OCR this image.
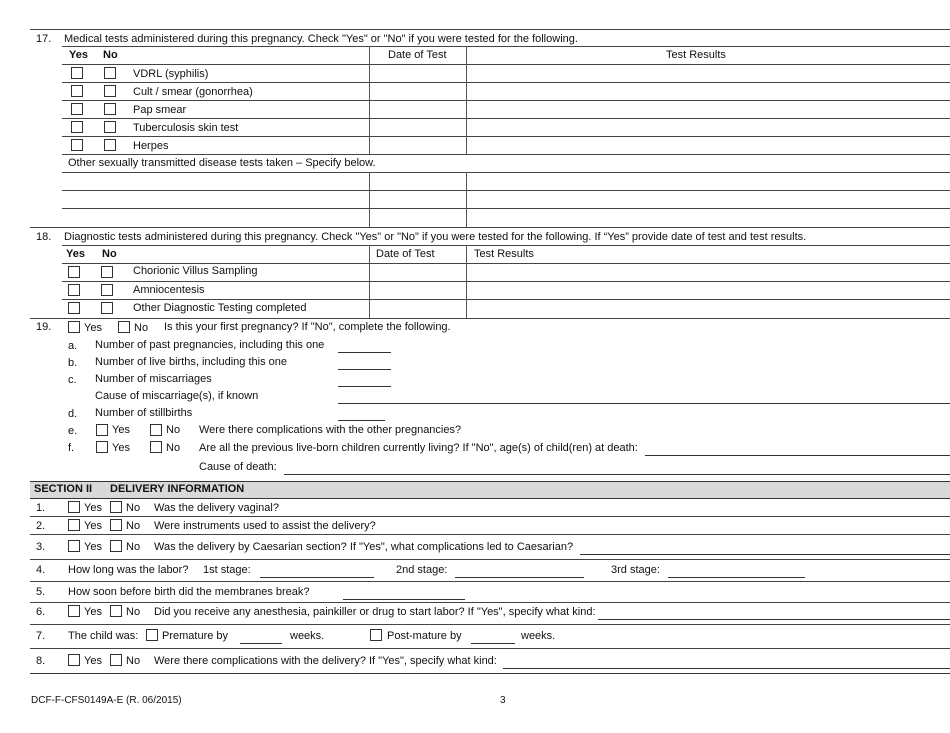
17. Medical tests administered during this pregnancy. Check "Yes" or "No" if you were tested for the following.
Yes No	Date of Test	Test Results
VDRL (syphilis)
Cult / smear (gonorrhea)
Pap smear
Tuberculosis skin test
Herpes
Other sexually transmitted disease tests taken – Specify below.
18. Diagnostic tests administered during this pregnancy. Check "Yes" or "No" if you were tested for the following. If “Yes” provide date of test and test results.
Yes No	Date of Test	Test Results
Chorionic Villus Sampling
Amniocentesis
Other Diagnostic Testing completed
19.	Yes	No Is this your first pregnancy? If "No", complete the following.
a. Number of past pregnancies, including this one
b. Number of live births, including this one
c. Number of miscarriages
Cause of miscarriage(s), if known
d. Number of stillbirths
e.	Yes	No Were there complications with the other pregnancies?
f.	Yes	No Are all the previous live-born children currently living? If "No", age(s) of child(ren) at death:
Cause of death:
SECTION II DELIVERY INFORMATION
1.	Yes No Was the delivery vaginal?
2.	Yes No Were instruments used to assist the delivery?
3.	Yes No Was the delivery by Caesarian section? If "Yes", what complications led to Caesarian?
4. How long was the labor? 1st stage:	2nd stage:	3rd stage:
5. How soon before birth did the membranes break?
6.	Yes No Did you receive any anesthesia, painkiller or drug to start labor? If "Yes", specify what kind:
7. The child was: Premature by	weeks.	Post-mature by	weeks.
8.	Yes No Were there complications with the delivery? If "Yes", specify what kind:
DCF-F-CFS0149A-E (R. 06/2015)	3
